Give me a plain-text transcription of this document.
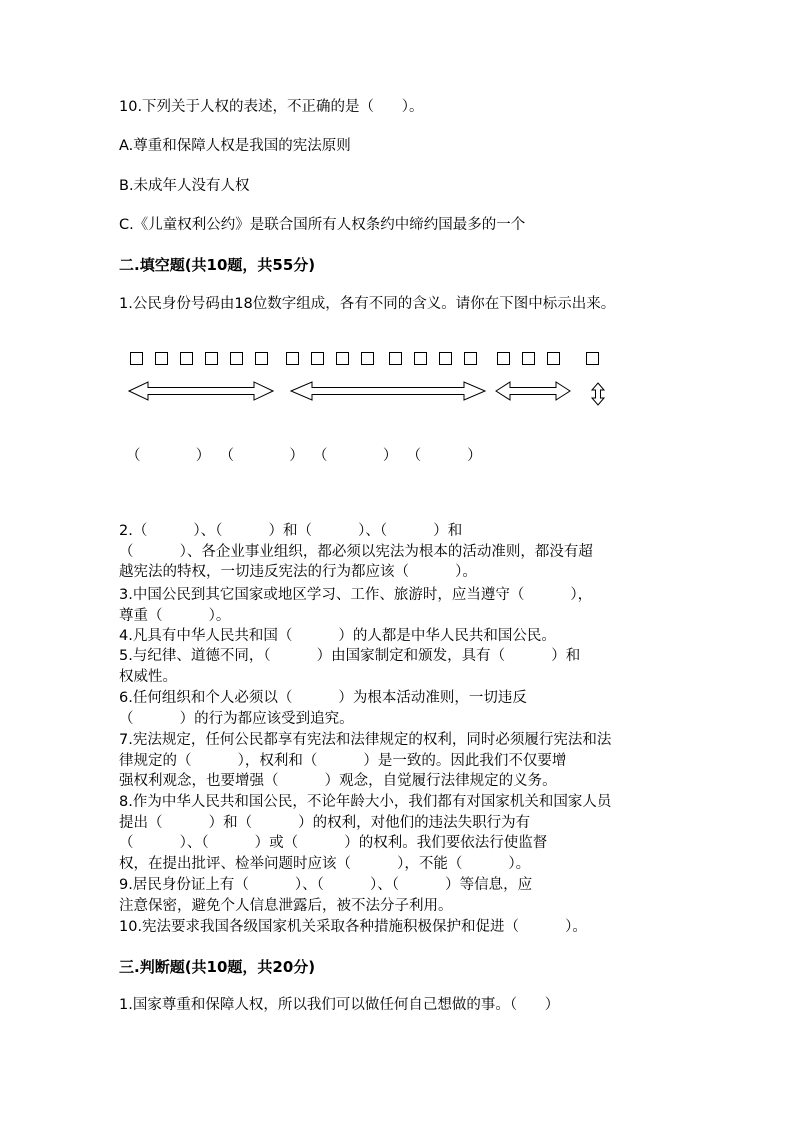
10.下列关于人权的表述，不正确的是（      ）。
A.尊重和保障人权是我国的宪法原则
B.未成年人没有人权
C.《儿童权利公约》是联合国所有人权条约中缔约国最多的一个
二.填空题(共10题，共55分)
1.公民身份号码由18位数字组成，各有不同的含义。请你在下图中标示出来。
（            ）  （            ）  （            ）  （          ）
2.（          ）、（          ）和（          ）、（          ）和
（          ）、各企业事业组织，都必须以宪法为根本的活动准则，都没有超
越宪法的特权，一切违反宪法的行为都应该（          ）。
3.中国公民到其它国家或地区学习、工作、旅游时，应当遵守（          ），
尊重（          ）。
4.凡具有中华人民共和国（          ）的人都是中华人民共和国公民。
5.与纪律、道德不同，（          ）由国家制定和颁发，具有（          ）和
权威性。
6.任何组织和个人必须以（          ）为根本活动准则，一切违反
（          ）的行为都应该受到追究。
7.宪法规定，任何公民都享有宪法和法律规定的权利，同时必须履行宪法和法
律规定的（          ），权利和（          ）是一致的。因此我们不仅要增
强权利观念，也要增强（          ）观念，自觉履行法律规定的义务。
8.作为中华人民共和国公民，不论年龄大小，我们都有对国家机关和国家人员
提出（          ）和（          ）的权利，对他们的违法失职行为有
（          ）、（          ）或（          ）的权利。我们要依法行使监督
权，在提出批评、检举问题时应该（          ），不能（          ）。
9.居民身份证上有（          ）、（          ）、（          ）等信息，应
注意保密，避免个人信息泄露后，被不法分子利用。
10.宪法要求我国各级国家机关采取各种措施积极保护和促进（          ）。
三.判断题(共10题，共20分)
1.国家尊重和保障人权，所以我们可以做任何自己想做的事。（      ）
